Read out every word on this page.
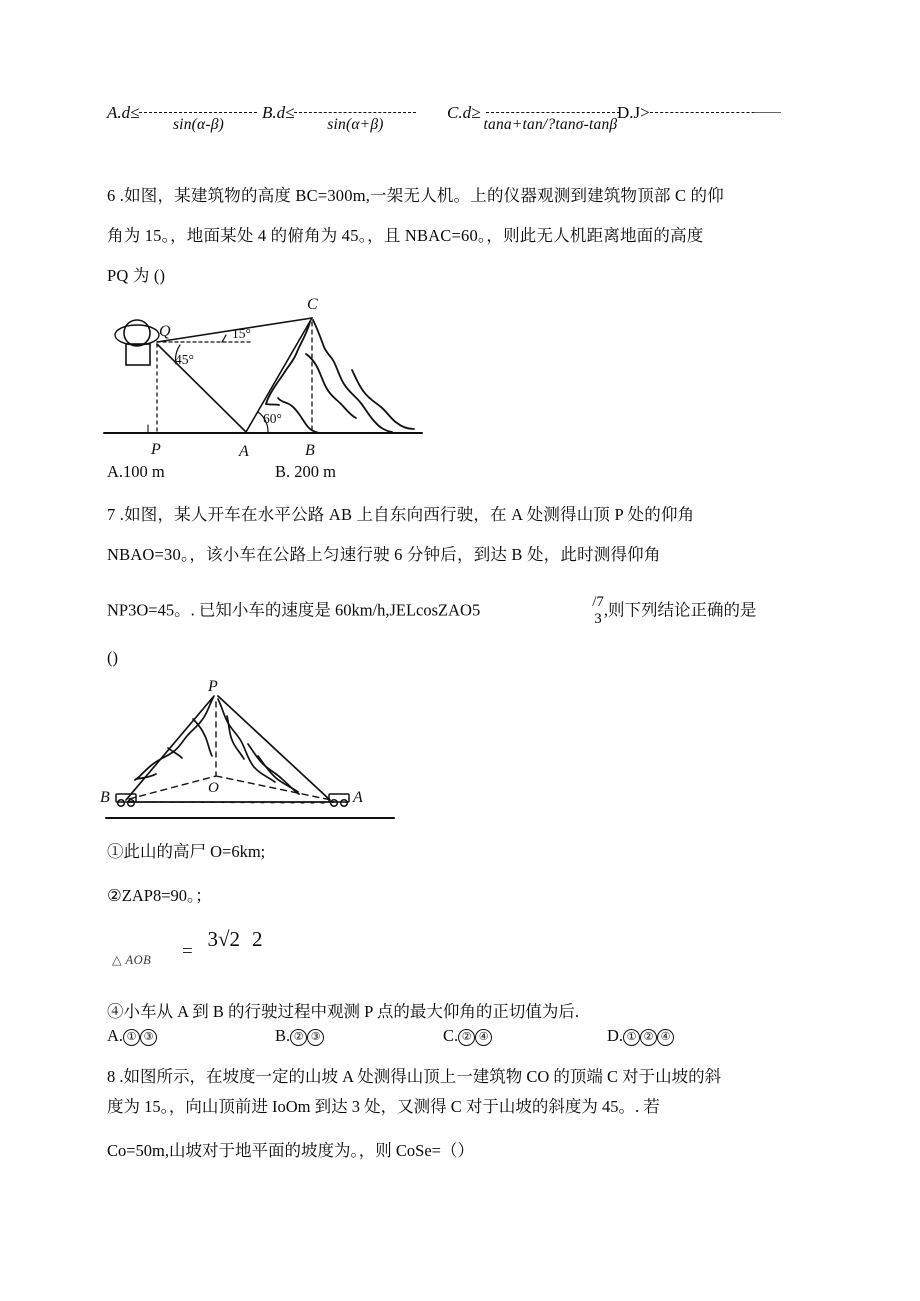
A.d≤
sin(α-β)
B.d≤
sin(α+β)
C.d≥
tana+tan/?tanσ-tanβ
D.J>
6 .如图，某建筑物的高度 BC=300m,一架无人机。上的仪器观测到建筑物顶部 C 的仰
角为 15。，地面某处 4 的俯角为 45。，且 NBAC=60。，则此无人机距离地面的高度
PQ 为 ()
Q
C
P	A	B
15°
45°
60°
A.100 m	B. 200 m
7 .如图，某人开车在水平公路 AB 上自东向西行驶，在 A 处测得山顶 P 处的仰角
NBAO=30。，该小车在公路上匀速行驶 6 分钟后，到达 B 处，此时测得仰角
NP3O=45。. 已知小车的速度是 60km/h,JELcosZAO5	/7
3 ,则下列结论正确的是
()
P
O
B	A
①此山的高尸 O=6km;
②ZAP8=90。；
△ AOB =
3√2 2
④小车从 A 到 B 的行驶过程中观测 P 点的最大仰角的正切值为后.
A. ① ③	B. ② ③	C. ② ④	D. ① ② ④
8 .如图所示，在坡度一定的山坡 A 处测得山顶上一建筑物 CO 的顶端 C 对于山坡的斜
度为 15。，向山顶前进 IoOm 到达 3 处，又测得 C 对于山坡的斜度为 45。. 若
Co=50m,山坡对于地平面的坡度为。，则 CoSe=（）
